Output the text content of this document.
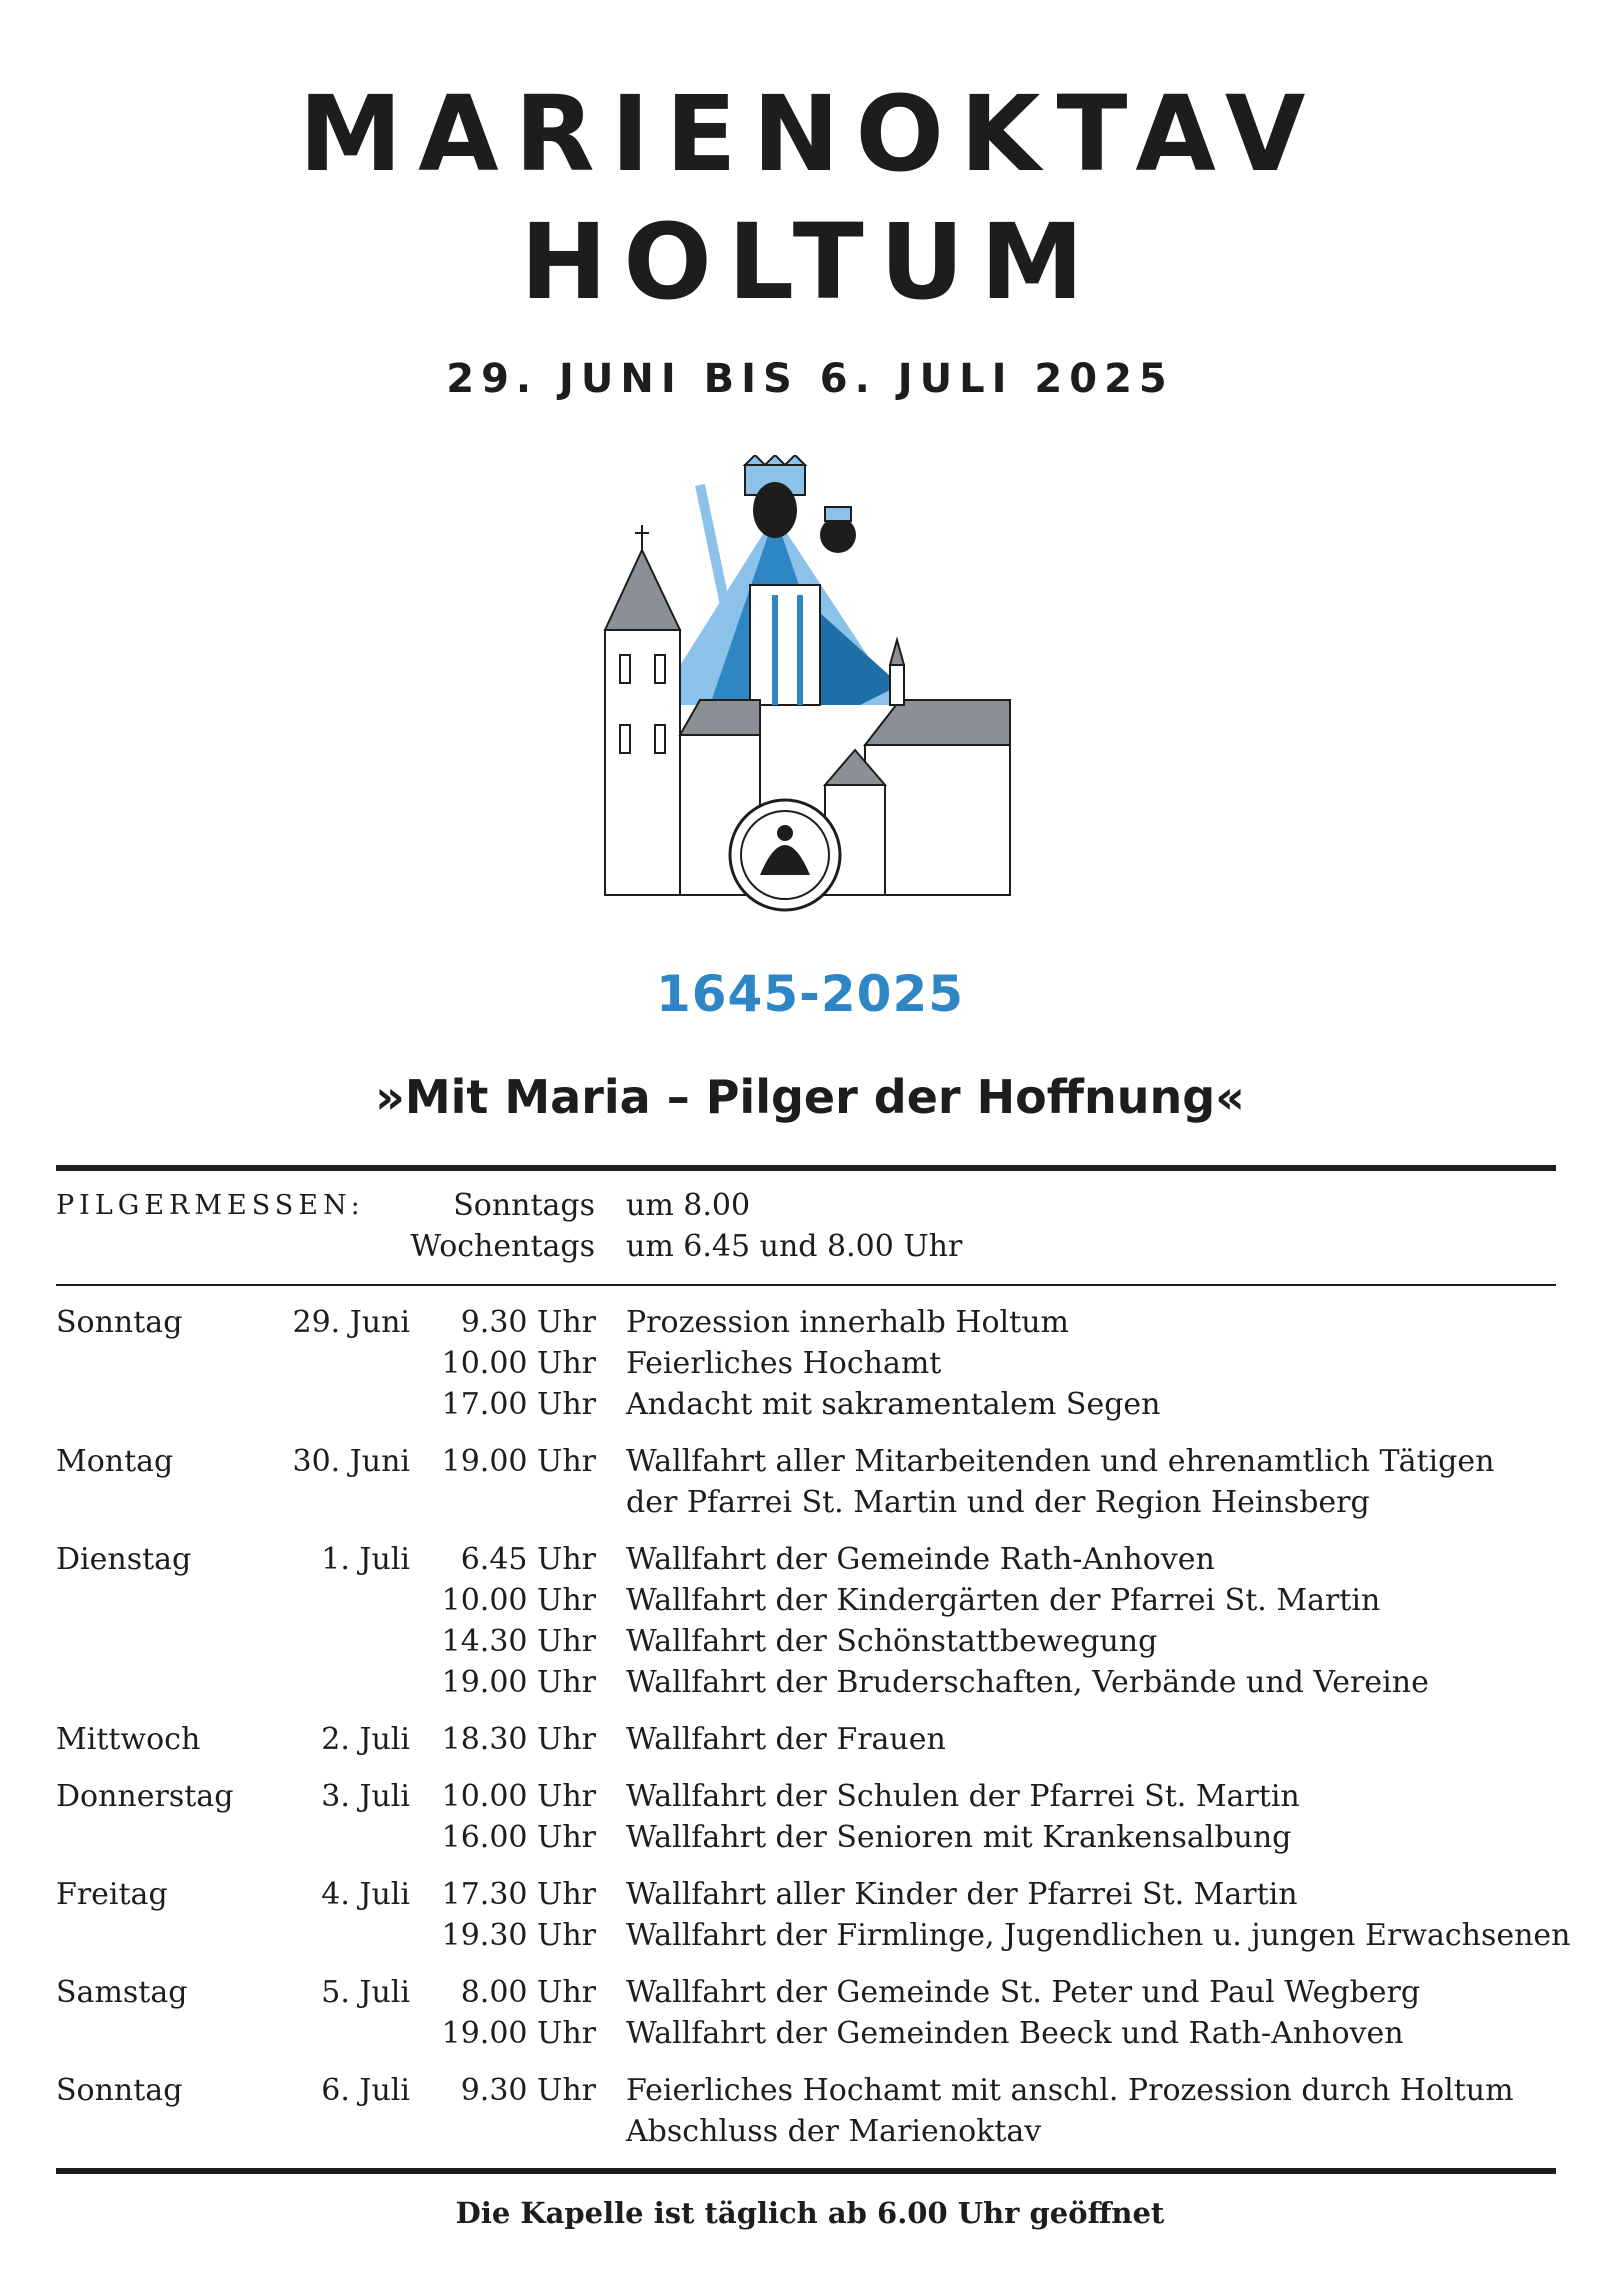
MARIENOKTAV
HOLTUM
29. JUNI BIS 6. JULI 2025
1645-2025
»Mit Maria – Pilger der Hoffnung«
PILGERMESSEN:	Sonntags um 8.00
Wochentags um 6.45 und 8.00 Uhr
Sonntag	29. Juni	9.30 Uhr Prozession innerhalb Holtum
10.00 Uhr Feierliches Hochamt
17.00 Uhr Andacht mit sakramentalem Segen
Montag	30. Juni 19.00 Uhr Wallfahrt aller Mitarbeitenden und ehrenamtlich Tätigen
der Pfarrei St. Martin und der Region Heinsberg
Dienstag	1. Juli	6.45 Uhr Wallfahrt der Gemeinde Rath-Anhoven
10.00 Uhr Wallfahrt der Kindergärten der Pfarrei St. Martin
14.30 Uhr Wallfahrt der Schönstattbewegung
19.00 Uhr Wallfahrt der Bruderschaften, Verbände und Vereine
Mittwoch	2. Juli 18.30 Uhr Wallfahrt der Frauen
Donnerstag	3. Juli 10.00 Uhr Wallfahrt der Schulen der Pfarrei St. Martin
16.00 Uhr Wallfahrt der Senioren mit Krankensalbung
Freitag	4. Juli 17.30 Uhr Wallfahrt aller Kinder der Pfarrei St. Martin
19.30 Uhr Wallfahrt der Firmlinge, Jugendlichen u. jungen Erwachsenen
Samstag	5. Juli	8.00 Uhr Wallfahrt der Gemeinde St. Peter und Paul Wegberg
19.00 Uhr Wallfahrt der Gemeinden Beeck und Rath-Anhoven
Sonntag	6. Juli	9.30 Uhr Feierliches Hochamt mit anschl. Prozession durch Holtum
Abschluss der Marienoktav
Die Kapelle ist täglich ab 6.00 Uhr geöffnet
